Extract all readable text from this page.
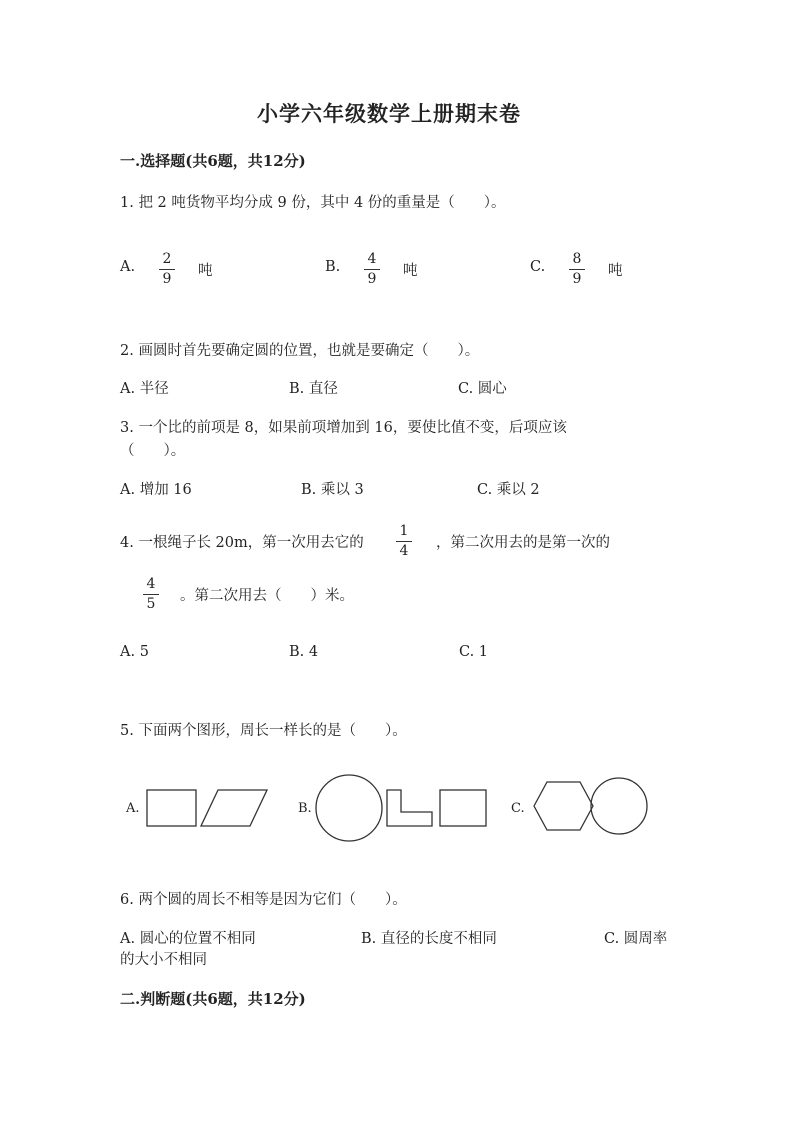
小学六年级数学上册期末卷
一.选择题(共6题，共12分)
1. 把 2 吨货物平均分成 9 份，其中 4 份的重量是（　　）。
A. 2
9 吨	B. 4
9 吨	C. 8
9 吨
2. 画圆时首先要确定圆的位置，也就是要确定（　　）。
A. 半径	B. 直径	C. 圆心
3. 一个比的前项是 8，如果前项增加到 16，要使比值不变，后项应该
（　　）。
A. 增加 16	B. 乘以 3	C. 乘以 2
4. 一根绳子长 20m，第一次用去它的
1
4 ，第二次用去的是第一次的
4
5 。第二次用去（　　）米。
A. 5	B. 4	C. 1
5. 下面两个图形，周长一样长的是（　　）。
A.	B.	C.
6. 两个圆的周长不相等是因为它们（　　）。
A. 圆心的位置不相同	B. 直径的长度不相同	C. 圆周率
的大小不相同
二.判断题(共6题，共12分)
